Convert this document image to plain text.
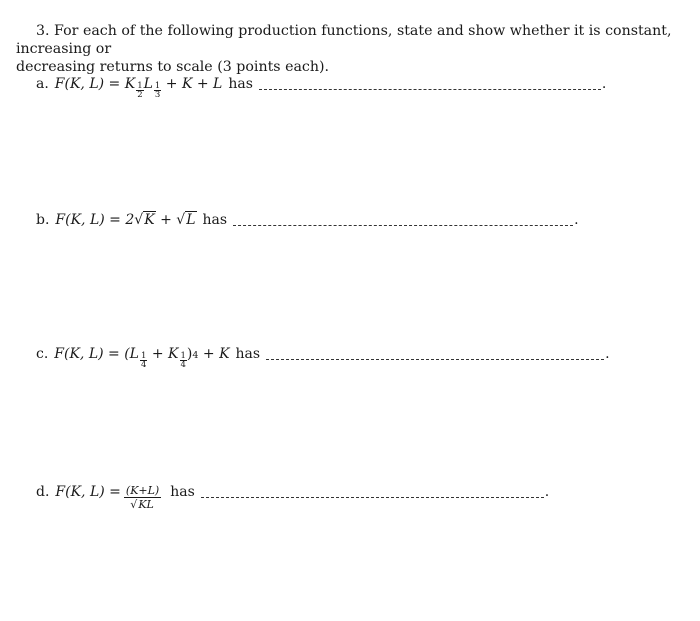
3. For each of the following production functions, state and show whether it is constant, increasing or
decreasing returns to scale (3 points each).
a. F(K, L) = K $\frac{1}{2}$ L $\frac{1}{3} + K + L$ has	.
b. F(K, L) = 2 √K + √L has	.
c. F(K, $L) = (L \frac{1}{4} + K \frac{1}{4}$ ) 4 + K has	.
d. F(K, $L) = \frac{(K+L)}{√KL}$ has	.
